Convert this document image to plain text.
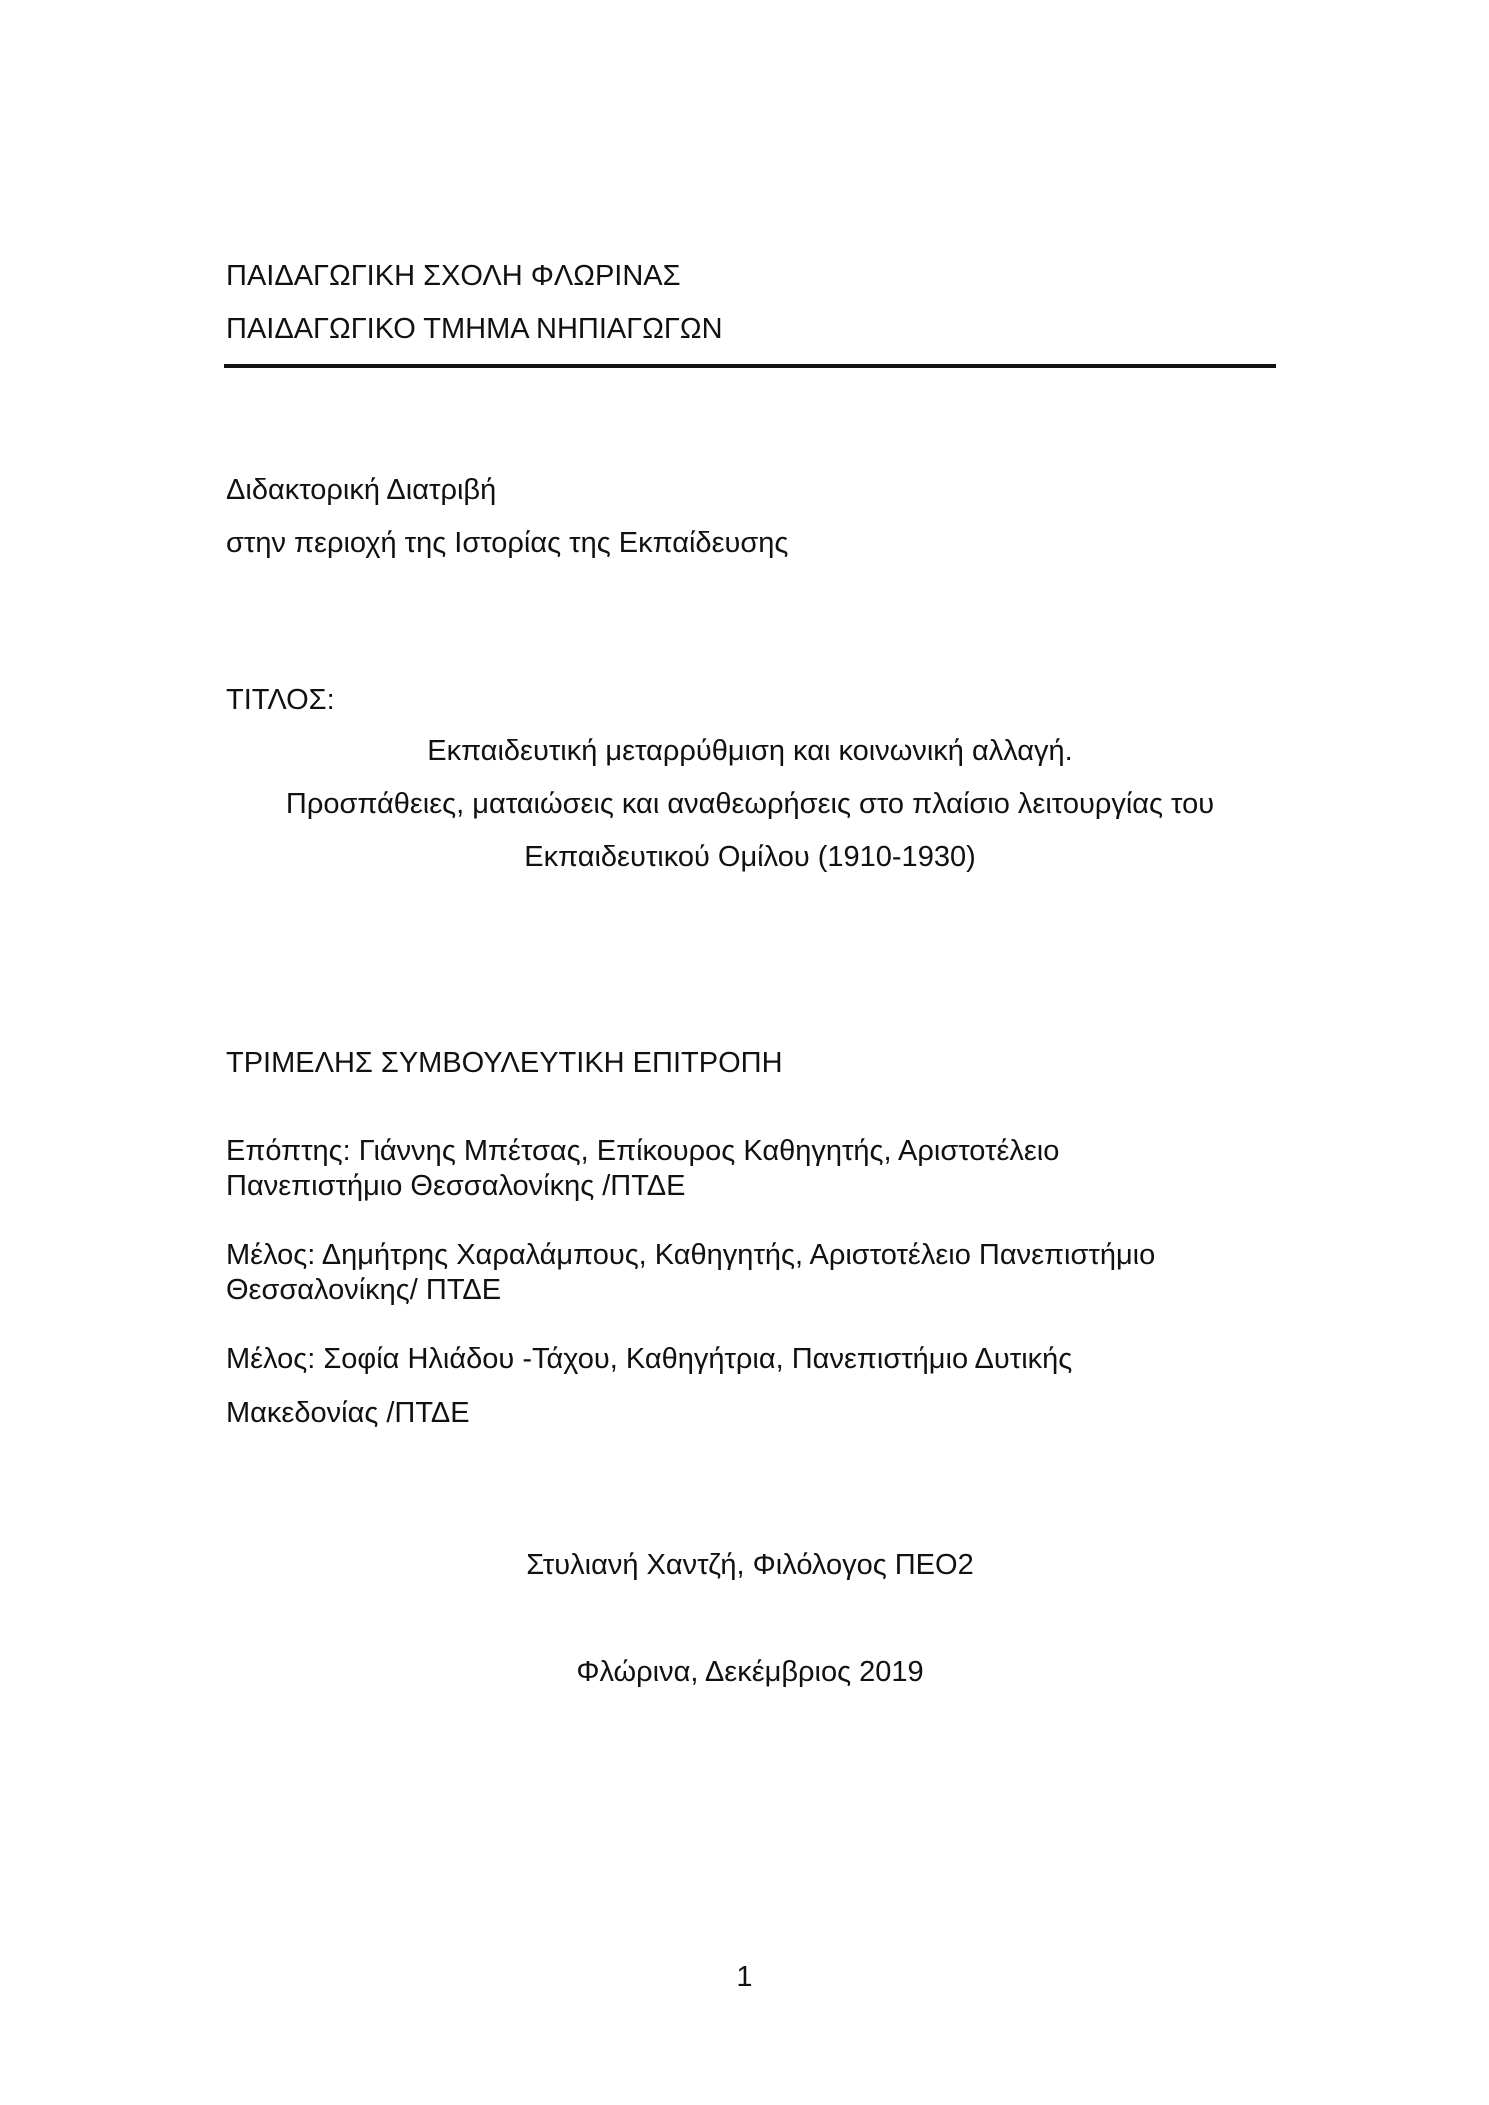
ΠΑΙΔΑΓΩΓΙΚΗ ΣΧΟΛΗ ΦΛΩΡΙΝΑΣ
ΠΑΙΔΑΓΩΓΙΚΟ ΤΜΗΜΑ ΝΗΠΙΑΓΩΓΩΝ
Διδακτορική Διατριβή
στην περιοχή της Ιστορίας της Εκπαίδευσης
ΤΙΤΛΟΣ:
Εκπαιδευτική μεταρρύθμιση και κοινωνική αλλαγή.
Προσπάθειες, ματαιώσεις και αναθεωρήσεις στο πλαίσιο λειτουργίας του
Εκπαιδευτικού Ομίλου (1910-1930)
ΤΡΙΜΕΛΗΣ ΣΥΜΒΟΥΛΕΥΤΙΚΗ ΕΠΙΤΡΟΠΗ
Επόπτης: Γιάννης Μπέτσας, Επίκουρος Καθηγητής, Αριστοτέλειο
Πανεπιστήμιο Θεσσαλονίκης /ΠΤΔΕ
Μέλος: Δημήτρης Χαραλάμπους, Καθηγητής, Αριστοτέλειο Πανεπιστήμιο
Θεσσαλονίκης/ ΠΤΔΕ
Μέλος: Σοφία Ηλιάδου -Τάχου, Καθηγήτρια, Πανεπιστήμιο Δυτικής
Μακεδονίας /ΠΤΔΕ
Στυλιανή Χαντζή, Φιλόλογος ΠΕΟ2
Φλώρινα, Δεκέμβριος 2019
1
